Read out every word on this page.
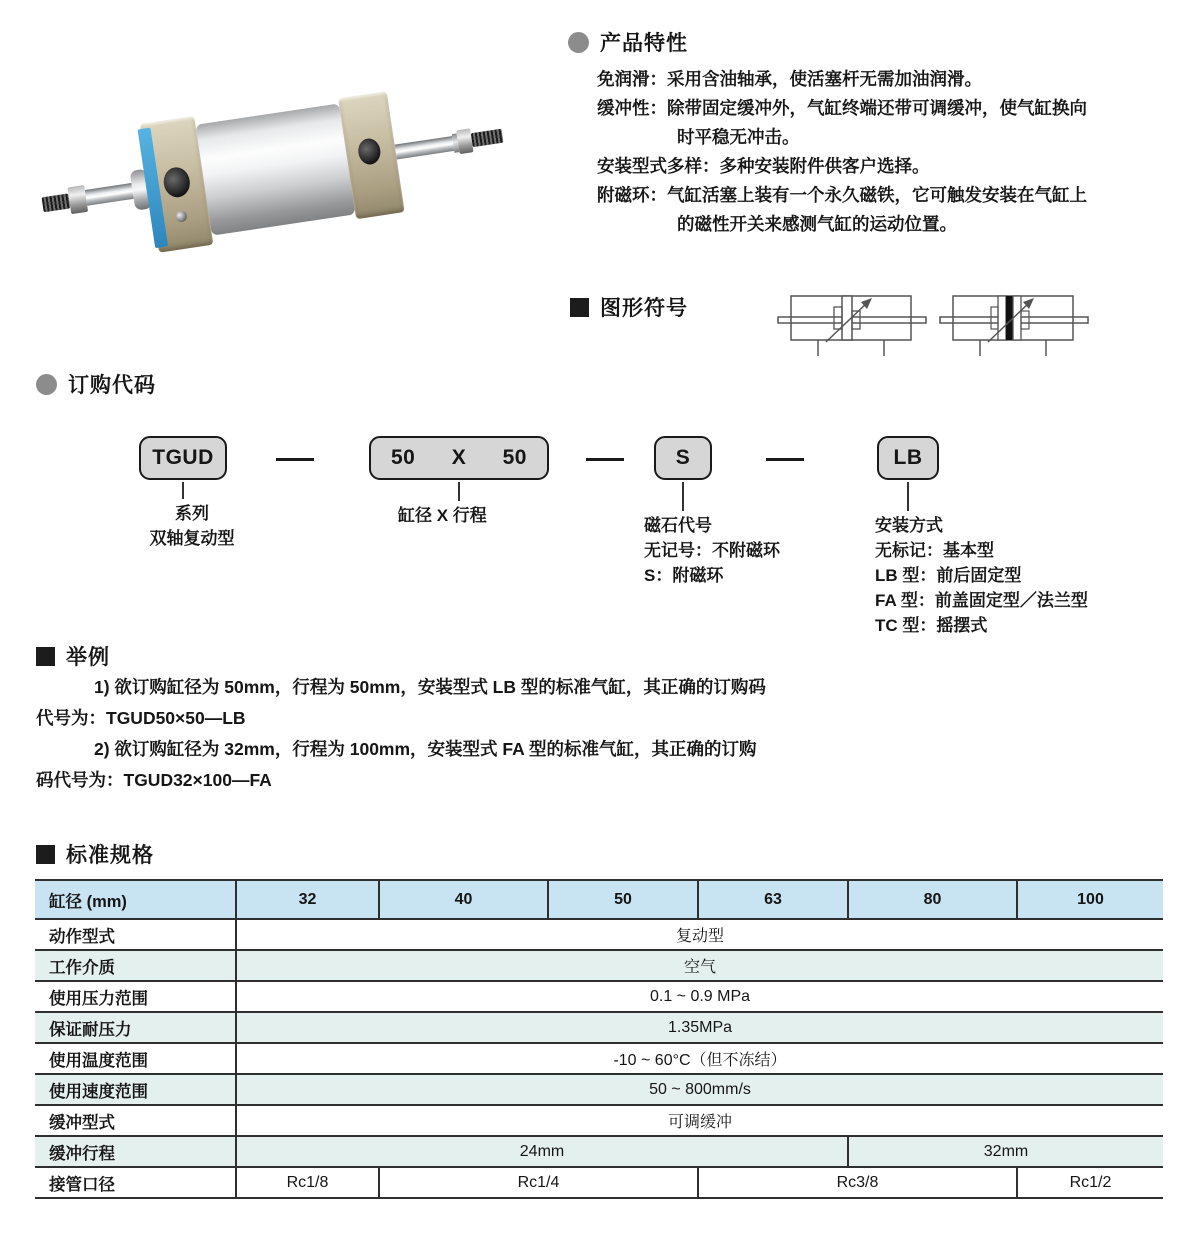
产品特性
免润滑：采用含油轴承，使活塞杆无需加油润滑。
缓冲性：除带固定缓冲外，气缸终端还带可调缓冲，使气缸换向
时平稳无冲击。
安装型式多样：多种安装附件供客户选择。
附磁环：气缸活塞上装有一个永久磁铁，它可触发安装在气缸上
的磁性开关来感测气缸的运动位置。
图形符号
订购代码
TGUD	50 X 50	S	LB
系列
双轴复动型
缸径 X 行程
磁石代号
无记号：不附磁环
S：附磁环
安装方式
无标记：基本型
LB 型：前后固定型
FA 型：前盖固定型／法兰型
TC 型：摇摆式
举例
1) 欲订购缸径为 50mm，行程为 50mm，安装型式 LB 型的标准气缸，其正确的订购码
代号为：TGUD50×50—LB
2) 欲订购缸径为 32mm，行程为 100mm，安装型式 FA 型的标准气缸，其正确的订购
码代号为：TGUD32×100—FA
标准规格
缸径 (mm)	32	40	50	63	80	100
动作型式	复动型					
工作介质	空气					
使用压力范围	0.1 ~ 0.9 MPa					
保证耐压力	1.35MPa					
使用温度范围	-10 ~ 60°C（但不冻结）					
使用速度范围	50 ~ 800mm/s					
缓冲型式	可调缓冲					
缓冲行程	24mm				32mm	
接管口径	Rc1/8	Rc1/4		Rc3/8		Rc1/2
